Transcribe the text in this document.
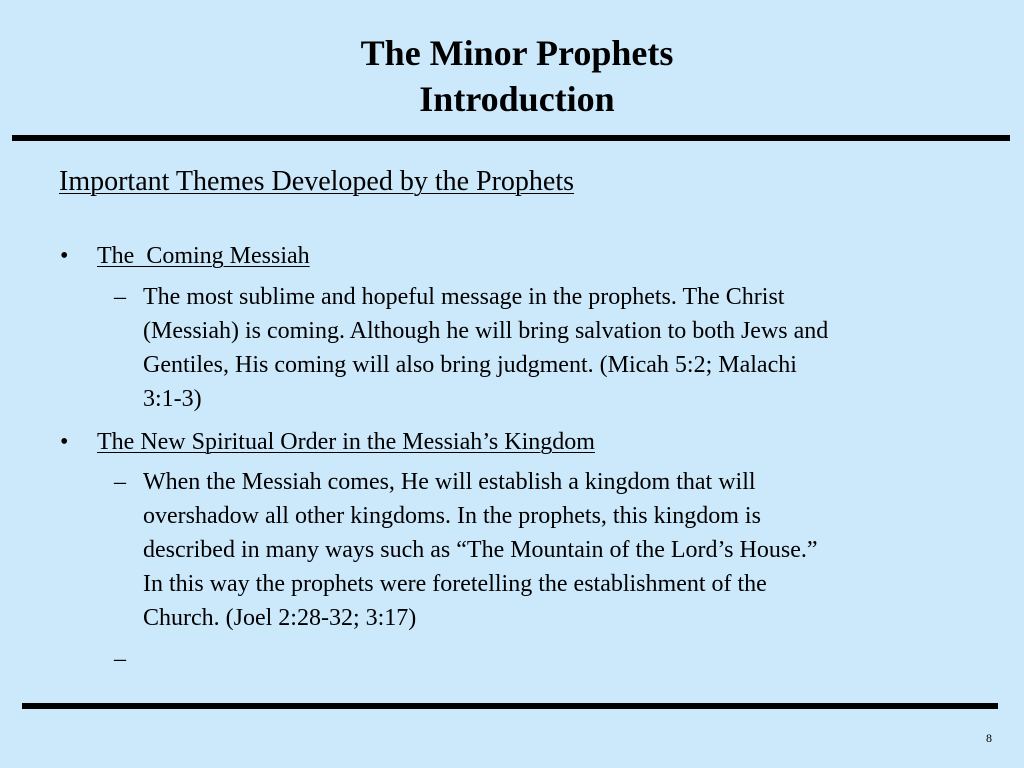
The Minor Prophets
Introduction
Important Themes Developed by the Prophets
• The  Coming Messiah
– The most sublime and hopeful message in the prophets. The Christ
(Messiah) is coming. Although he will bring salvation to both Jews and
Gentiles, His coming will also bring judgment. (Micah 5:2; Malachi
3:1-3)
• The New Spiritual Order in the Messiah’s Kingdom
– When the Messiah comes, He will establish a kingdom that will
overshadow all other kingdoms. In the prophets, this kingdom is
described in many ways such as “The Mountain of the Lord’s House.”
In this way the prophets were foretelling the establishment of the
Church. (Joel 2:28-32; 3:17)
–
8
